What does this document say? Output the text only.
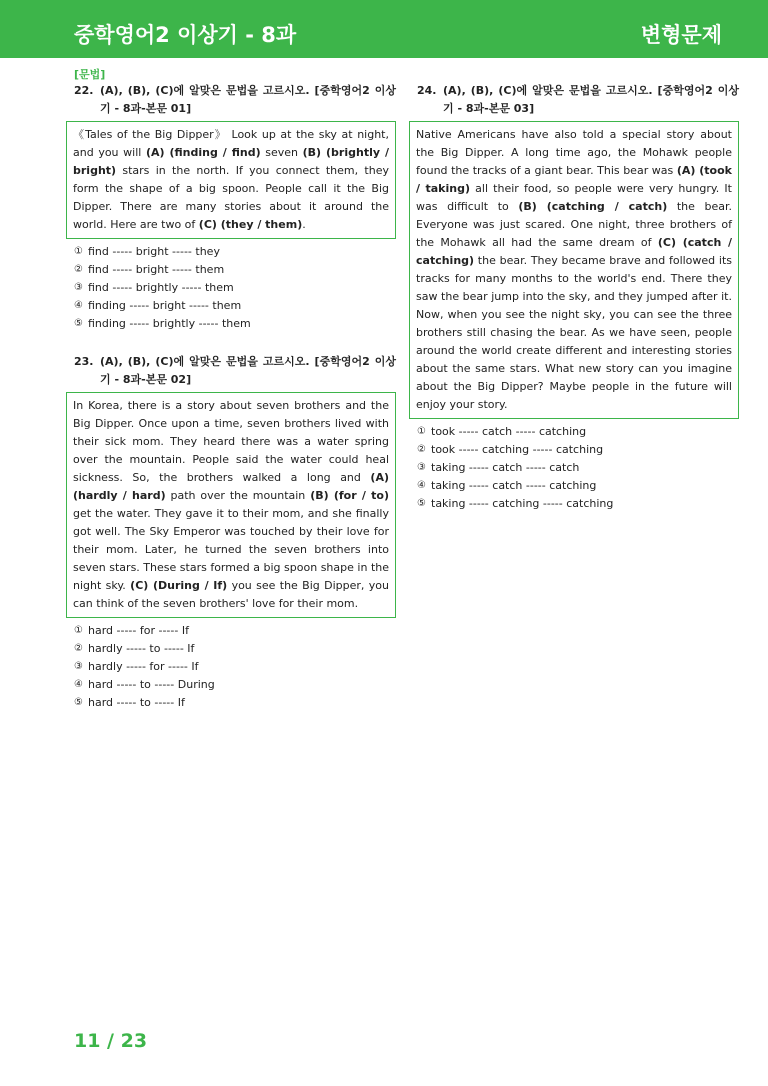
중학영어2 이상기 - 8과	변형문제
[문법]
22. (A), (B), (C)에 알맞은 문법을 고르시오. [중학영어2 이상기 - 8과-본문 01]
《Tales of the Big Dipper》 Look up at the sky at night, and you will (A) (finding / find) seven (B) (brightly / bright) stars in the north. If you connect them, they form the shape of a big spoon. People call it the Big Dipper. There are many stories about it around the world. Here are two of (C) (they / them).
① find ----- bright ----- they
② find ----- bright ----- them
③ find ----- brightly ----- them
④ finding ----- bright ----- them
⑤ finding ----- brightly ----- them
23. (A), (B), (C)에 알맞은 문법을 고르시오. [중학영어2 이상기 - 8과-본문 02]
In Korea, there is a story about seven brothers and the Big Dipper. Once upon a time, seven brothers lived with their sick mom. They heard there was a water spring over the mountain. People said the water could heal sickness. So, the brothers walked a long and (A) (hardly / hard) path over the mountain (B) (for / to) get the water. They gave it to their mom, and she finally got well. The Sky Emperor was touched by their love for their mom. Later, he turned the seven brothers into seven stars. These stars formed a big spoon shape in the night sky. (C) (During / If) you see the Big Dipper, you can think of the seven brothers' love for their mom.
① hard ----- for ----- If
② hardly ----- to ----- If
③ hardly ----- for ----- If
④ hard ----- to ----- During
⑤ hard ----- to ----- If
24. (A), (B), (C)에 알맞은 문법을 고르시오. [중학영어2 이상기 - 8과-본문 03]
Native Americans have also told a special story about the Big Dipper. A long time ago, the Mohawk people found the tracks of a giant bear. This bear was (A) (took / taking) all their food, so people were very hungry. It was difficult to (B) (catching / catch) the bear. Everyone was just scared. One night, three brothers of the Mohawk all had the same dream of (C) (catch / catching) the bear. They became brave and followed its tracks for many months to the world's end. There they saw the bear jump into the sky, and they jumped after it. Now, when you see the night sky, you can see the three brothers still chasing the bear. As we have seen, people around the world create different and interesting stories about the same stars. What new story can you imagine about the Big Dipper? Maybe people in the future will enjoy your story.
① took ----- catch ----- catching
② took ----- catching ----- catching
③ taking ----- catch ----- catch
④ taking ----- catch ----- catching
⑤ taking ----- catching ----- catching
11 / 23
